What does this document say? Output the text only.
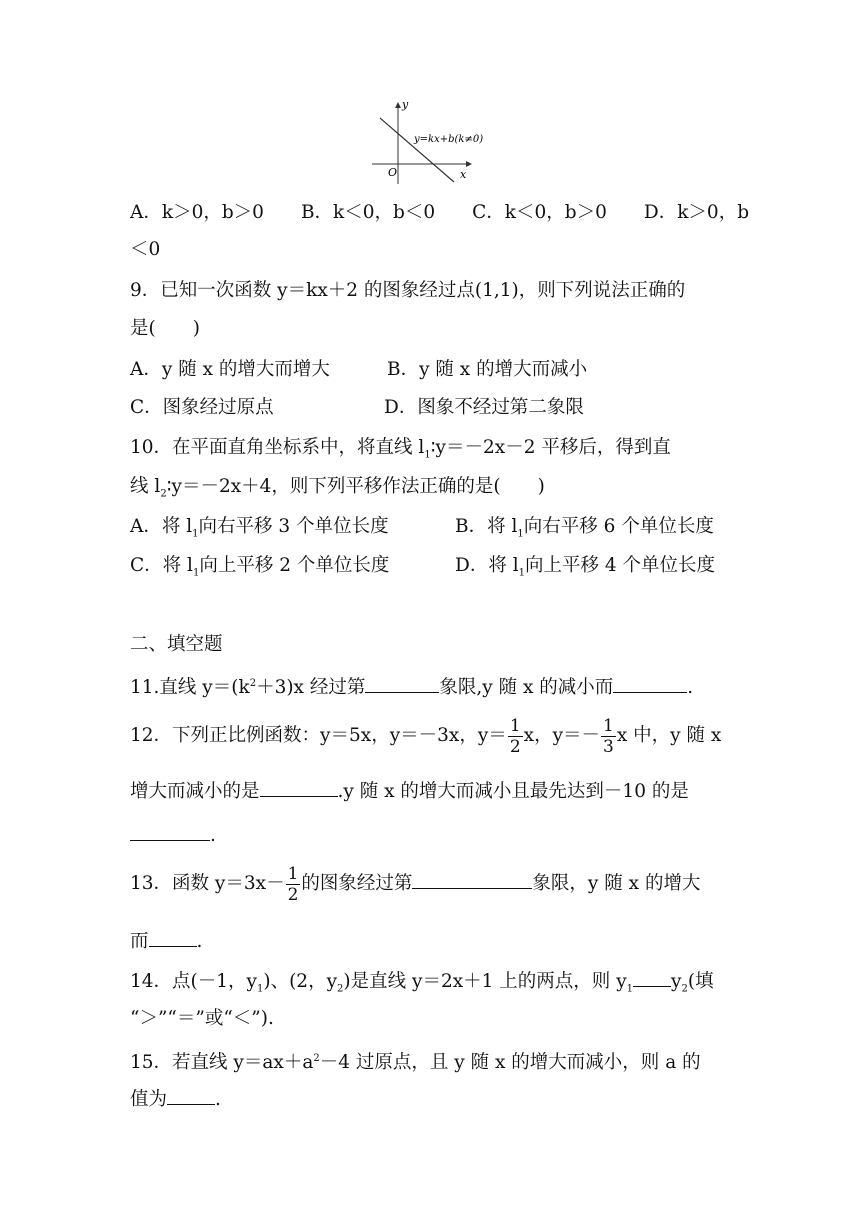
y
x
O
y=kx+b(k≠0)
A．k＞0，b＞0　　B．k＜0，b＜0　　C．k＜0，b＞0　　D．k＞0，b
＜0
9．已知一次函数 y＝kx＋2 的图象经过点(1,1)，则下列说法正确的
是(　　)
A．y 随 x 的增大而增大	B．y 随 x 的增大而减小
C．图象经过原点	D．图象不经过第二象限
10．在平面直角坐标系中，将直线 $l_1∶y=-2x-2$ 平移后，得到直
线 $l_2∶y=-2x+4$，则下列平移作法正确的是(　　)
A．将 $l_1$向右平移 3 个单位长度	B．将 $l_1$向右平移 6 个单位长度
C．将 $l_1$向上平移 2 个单位长度	D．将 $l_1$向上平移 4 个单位长度
二、填空题
11.直线 $y=(k^2+3)x$ 经过第	象限,y 随 x 的减小而	.
12．下列正比例函数：y＝5x，y＝－3x，$y= \frac{1}{2}$ x，$y=- \frac{1}{3}$ x 中，y 随 x
增大而减小的是	.y 随 x 的增大而减小且最先达到－10 的是
.
13．函数 $y=3x- \frac{1}{2}$ 的图象经过第	象限，y 随 x 的增大
而	.
14．点(－1，$y_1$)、(2，$y_2$)是直线 y＝2x＋1 上的两点，则 $y_1$ $y_2$(填
“＞”“＝”或“＜”).
15．若直线 $y=ax+a^2-4$ 过原点，且 y 随 x 的增大而减小，则 a 的
值为	.
